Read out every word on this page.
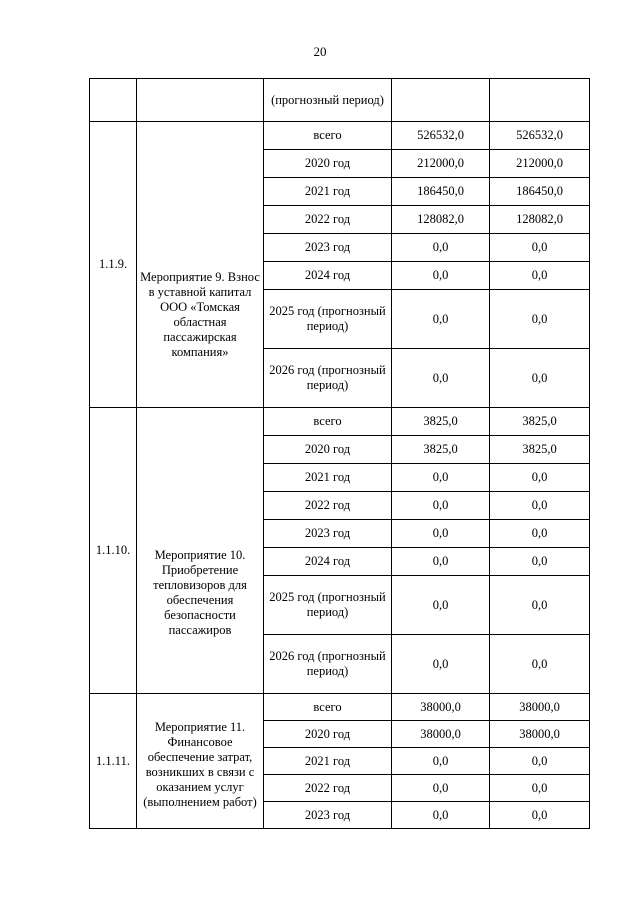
20
		(прогнозный период)		
1.1.9.	Мероприятие 9. Взнос в уставной капитал ООО «Томская областная пассажирская компания»	всего	526532,0	526532,0
		2020 год	212000,0	212000,0
		2021 год	186450,0	186450,0
		2022 год	128082,0	128082,0
		2023 год	0,0	0,0
		2024 год	0,0	0,0
		2025 год (прогнозный период)	0,0	0,0
		2026 год (прогнозный период)	0,0	0,0
1.1.10.	Мероприятие 10. Приобретение тепловизоров для обеспечения безопасности пассажиров	всего	3825,0	3825,0
		2020 год	3825,0	3825,0
		2021 год	0,0	0,0
		2022 год	0,0	0,0
		2023 год	0,0	0,0
		2024 год	0,0	0,0
		2025 год (прогнозный период)	0,0	0,0
		2026 год (прогнозный период)	0,0	0,0
1.1.11.	Мероприятие 11. Финансовое обеспечение затрат, возникших в связи с оказанием услуг (выполнением работ)	всего	38000,0	38000,0
		2020 год	38000,0	38000,0
		2021 год	0,0	0,0
		2022 год	0,0	0,0
		2023 год	0,0	0,0
